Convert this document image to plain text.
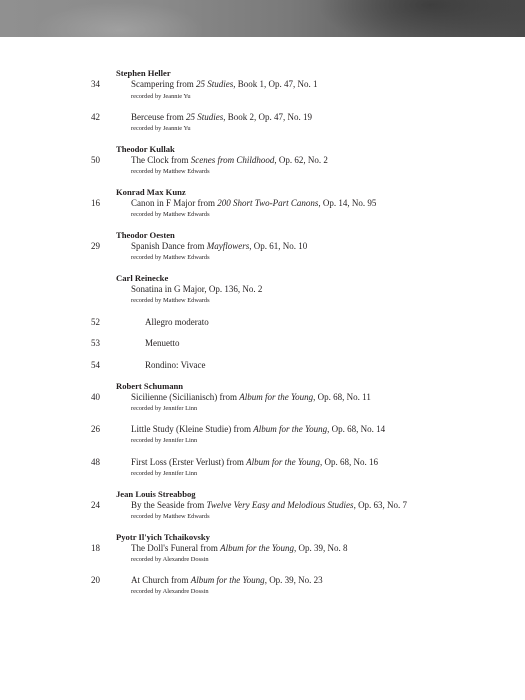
Stephen Heller
34	Scampering from 25 Studies, Book 1, Op. 47, No. 1
recorded by Jeannie Yu
42	Berceuse from 25 Studies, Book 2, Op. 47, No. 19
recorded by Jeannie Yu
Theodor Kullak
50	The Clock from Scenes from Childhood, Op. 62, No. 2
recorded by Matthew Edwards
Konrad Max Kunz
16	Canon in F Major from 200 Short Two-Part Canons, Op. 14, No. 95
recorded by Matthew Edwards
Theodor Oesten
29	Spanish Dance from Mayflowers, Op. 61, No. 10
recorded by Matthew Edwards
Carl Reinecke
Sonatina in G Major, Op. 136, No. 2
recorded by Matthew Edwards
52	Allegro moderato
53	Menuetto
54	Rondino: Vivace
Robert Schumann
40	Sicilienne (Sicilianisch) from Album for the Young, Op. 68, No. 11
recorded by Jennifer Linn
26	Little Study (Kleine Studie) from Album for the Young, Op. 68, No. 14
recorded by Jennifer Linn
48	First Loss (Erster Verlust) from Album for the Young, Op. 68, No. 16
recorded by Jennifer Linn
Jean Louis Streabbog
24	By the Seaside from Twelve Very Easy and Melodious Studies, Op. 63, No. 7
recorded by Matthew Edwards
Pyotr Il'yich Tchaikovsky
18	The Doll's Funeral from Album for the Young, Op. 39, No. 8
recorded by Alexandre Dossin
20	At Church from Album for the Young, Op. 39, No. 23
recorded by Alexandre Dossin
